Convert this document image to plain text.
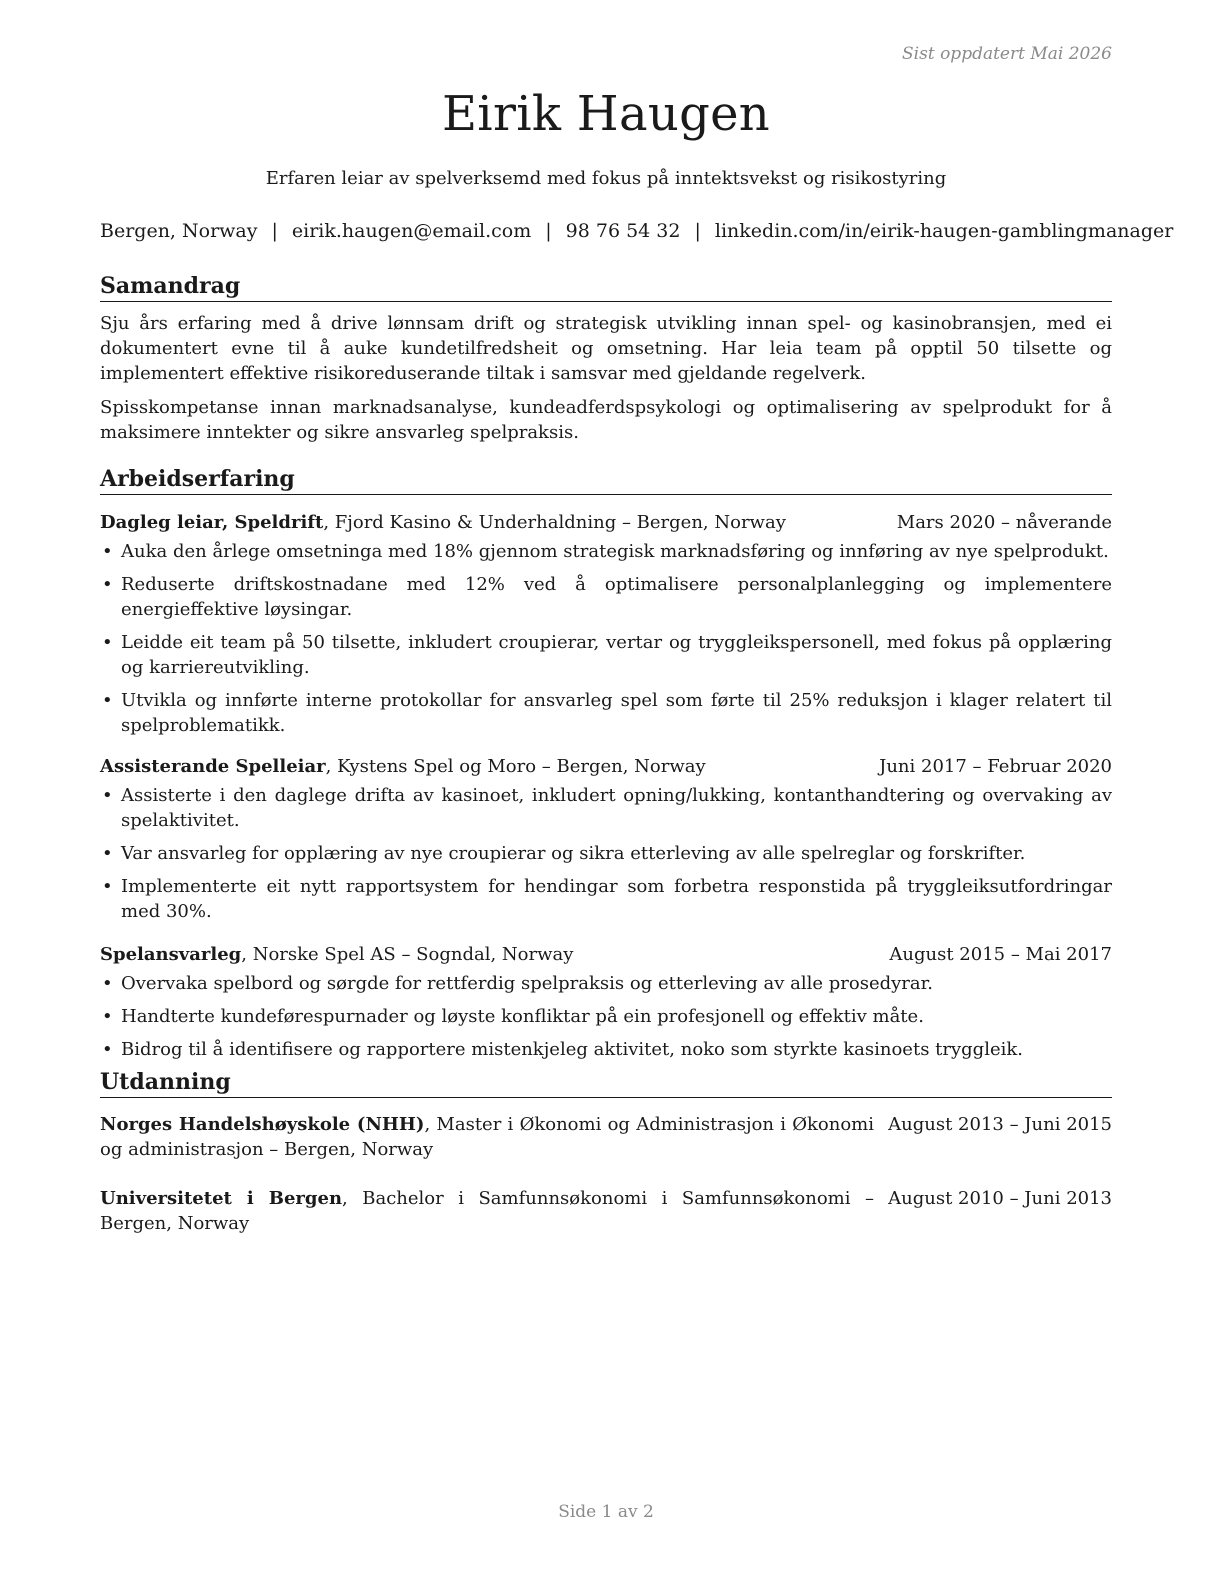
Sist oppdatert Mai 2026
Eirik Haugen
Erfaren leiar av spelverksemd med fokus på inntektsvekst og risikostyring
Bergen, Norway | eirik.haugen@email.com | 98 76 54 32 | linkedin.com/in/eirik-haugen-gamblingmanager
Samandrag

Sju års erfaring med å drive lønnsam drift og strategisk utvikling innan spel- og kasinobransjen, med ei dokumentert evne til å auke kundetilfredsheit og omsetning. Har leia team på opptil 50 tilsette og implementert effektive risikoreduserande tiltak i samsvar med gjeldande regelverk.

Spisskompetanse innan marknadsanalyse, kundeadferdspsykologi og optimalisering av spelprodukt for å maksimere inntekter og sikre ansvarleg spelpraksis.

Arbeidserfaring
Dagleg leiar, Speldrift, Fjord Kasino & Underhaldning – Bergen, Norway	Mars 2020 – nåverande
• Auka den årlege omsetninga med 18% gjennom strategisk marknadsføring og innføring av nye spelprodukt.
• Reduserte driftskostnadane med 12% ved å optimalisere personalplanlegging og implementere energieffektive løysingar.
• Leidde eit team på 50 tilsette, inkludert croupierar, vertar og tryggleikspersonell, med fokus på opplæring og karriereutvikling.
• Utvikla og innførte interne protokollar for ansvarleg spel som førte til 25% reduksjon i klager relatert til spelproblematikk.
Assisterande Spelleiar, Kystens Spel og Moro – Bergen, Norway	Juni 2017 – Februar 2020
• Assisterte i den daglege drifta av kasinoet, inkludert opning/lukking, kontanthandtering og overvaking av spelaktivitet.
• Var ansvarleg for opplæring av nye croupierar og sikra etterleving av alle spelreglar og forskrifter.
• Implementerte eit nytt rapportsystem for hendingar som forbetra responstida på tryggleiksutfordringar med 30%.
Spelansvarleg, Norske Spel AS – Sogndal, Norway	August 2015 – Mai 2017
• Overvaka spelbord og sørgde for rettferdig spelpraksis og etterleving av alle prosedyrar.
• Handterte kundeførespurnader og løyste konfliktar på ein profesjonell og effektiv måte.
• Bidrog til å identifisere og rapportere mistenkjeleg aktivitet, noko som styrkte kasinoets tryggleik.
Utdanning
Norges Handelshøyskole (NHH), Master i Økonomi og Administrasjon i Økonomi og administrasjon – Bergen, Norway
August 2013 – Juni 2015
Universitetet i Bergen, Bachelor i Samfunnsøkonomi i Samfunnsøkonomi – Bergen, Norway
August 2010 – Juni 2013
Side 1 av 2
